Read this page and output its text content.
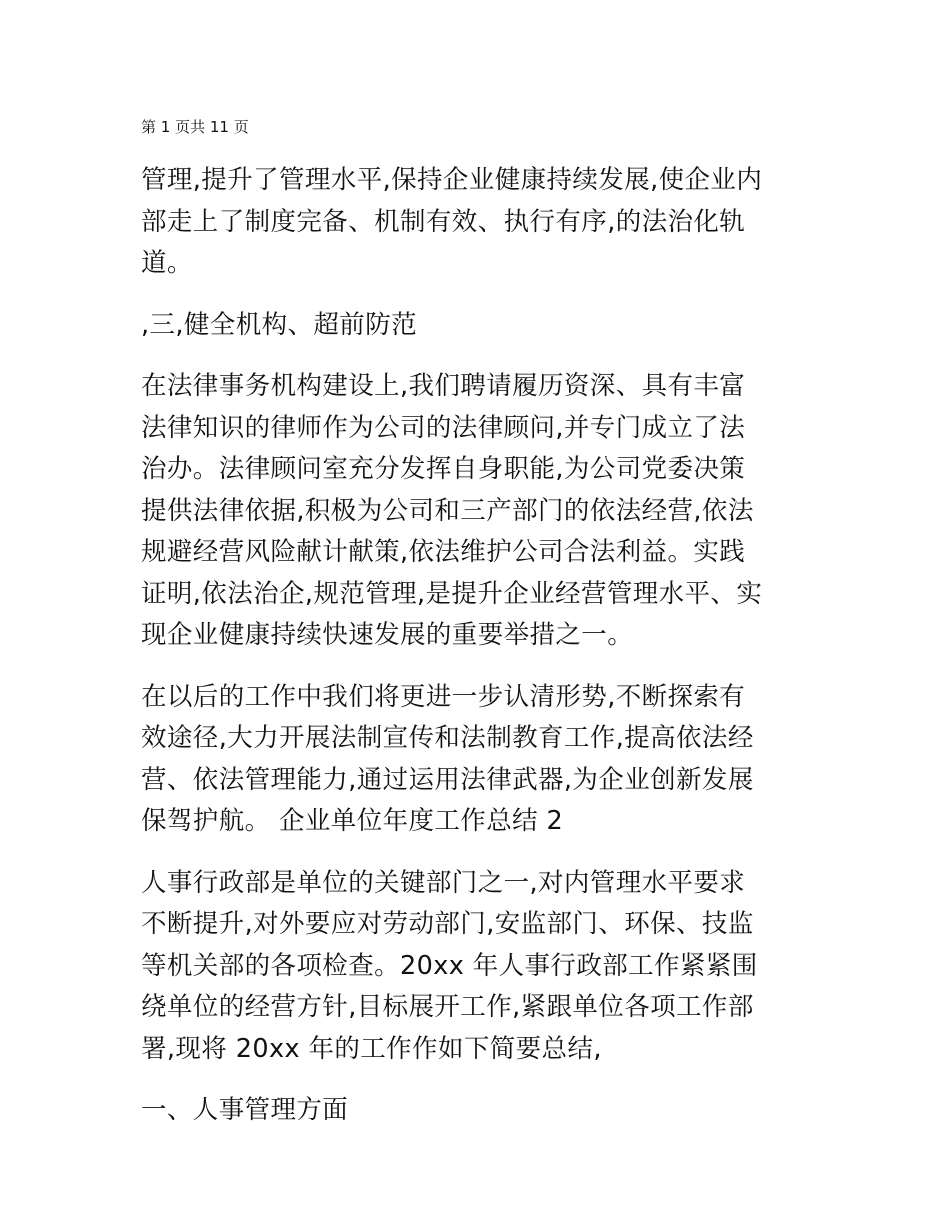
第 1 页共 11 页
管理,提升了管理水平,保持企业健康持续发展,使企业内
部走上了制度完备、机制有效、执行有序,的法治化轨
道。
,三,健全机构、超前防范
在法律事务机构建设上,我们聘请履历资深、具有丰富
法律知识的律师作为公司的法律顾问,并专门成立了法
治办。法律顾问室充分发挥自身职能,为公司党委决策
提供法律依据,积极为公司和三产部门的依法经营,依法
规避经营风险献计献策,依法维护公司合法利益。实践
证明,依法治企,规范管理,是提升企业经营管理水平、实
现企业健康持续快速发展的重要举措之一。
在以后的工作中我们将更进一步认清形势,不断探索有
效途径,大力开展法制宣传和法制教育工作,提高依法经
营、依法管理能力,通过运用法律武器,为企业创新发展
保驾护航。 企业单位年度工作总结 2
人事行政部是单位的关键部门之一,对内管理水平要求
不断提升,对外要应对劳动部门,安监部门、环保、技监
等机关部的各项检查。20xx 年人事行政部工作紧紧围
绕单位的经营方针,目标展开工作,紧跟单位各项工作部
署,现将 20xx 年的工作作如下简要总结,
一、人事管理方面
